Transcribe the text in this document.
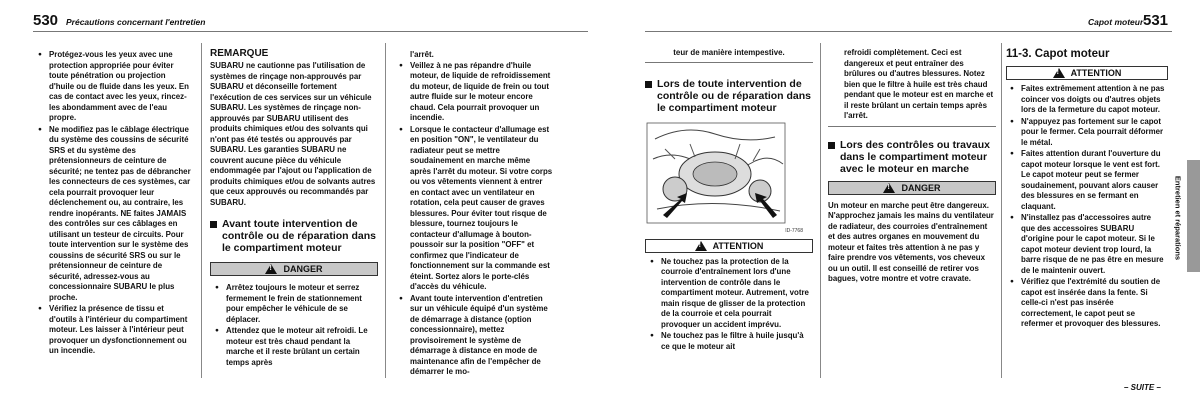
530 Précautions concernant l'entretien
● Protégez-vous les yeux avec une protection appropriée pour éviter toute pénétration ou projection d'huile ou de fluide dans les yeux. En cas de contact avec les yeux, rincez-les abondamment avec de l'eau propre.
● Ne modifiez pas le câblage électrique du système des coussins de sécurité SRS et du système des prétensionneurs de ceinture de sécurité; ne tentez pas de débrancher les connecteurs de ces systèmes, car cela pourrait provoquer leur déclenchement ou, au contraire, les rendre inopérants. NE faites JAMAIS des contrôles sur ces câblages en utilisant un testeur de circuits. Pour toute intervention sur le système des coussins de sécurité SRS ou sur le prétensionneur de ceinture de sécurité, adressez-vous au concessionnaire SUBARU le plus proche.
● Vérifiez la présence de tissu et d'outils à l'intérieur du compartiment moteur. Les laisser à l'intérieur peut provoquer un dysfonctionnement ou un incendie.
REMARQUE
SUBARU ne cautionne pas l'utilisation de systèmes de rinçage non-approuvés par SUBARU et déconseille fortement l'exécution de ces services sur un véhicule SUBARU. Les systèmes de rinçage non-approuvés par SUBARU utilisent des produits chimiques et/ou des solvants qui n'ont pas été testés ou approuvés par SUBARU. Les garanties SUBARU ne couvrent aucune pièce du véhicule endommagée par l'ajout ou l'application de produits chimiques et/ou de solvants autres que ceux approuvés ou recommandés par SUBARU.
Avant toute intervention de contrôle ou de réparation dans le compartiment moteur
!
DANGER
● Arrêtez toujours le moteur et serrez fermement le frein de stationnement pour empêcher le véhicule de se déplacer.
● Attendez que le moteur ait refroidi. Le moteur est très chaud pendant la marche et il reste brûlant un certain temps après
l'arrêt.
● Veillez à ne pas répandre d'huile moteur, de liquide de refroidissement du moteur, de liquide de frein ou tout autre fluide sur le moteur encore chaud. Cela pourrait provoquer un incendie.
● Lorsque le contacteur d'allumage est en position "ON", le ventilateur du radiateur peut se mettre soudainement en marche même après l'arrêt du moteur. Si votre corps ou vos vêtements viennent à entrer en contact avec un ventilateur en rotation, cela peut causer de graves blessures. Pour éviter tout risque de blessure, tournez toujours le contacteur d'allumage à bouton-poussoir sur la position "OFF" et confirmez que l'indicateur de fonctionnement sur la commande est éteint. Sortez alors le porte-clés d'accès du véhicule.
● Avant toute intervention d'entretien sur un véhicule équipé d'un système de démarrage à distance (option concessionnaire), mettez provisoirement le système de démarrage à distance en mode de maintenance afin de l'empêcher de démarrer le mo-
Capot moteur 531
teur de manière intempestive.
Lors de toute intervention de contrôle ou de réparation dans le compartiment moteur
ID-7768
!
ATTENTION
● Ne touchez pas la protection de la courroie d'entraînement lors d'une intervention de contrôle dans le compartiment moteur. Autrement, votre main risque de glisser de la protection de la courroie et cela pourrait provoquer un accident imprévu.
● Ne touchez pas le filtre à huile jusqu'à ce que le moteur ait
refroidi complètement. Ceci est dangereux et peut entraîner des brûlures ou d'autres blessures. Notez bien que le filtre à huile est très chaud pendant que le moteur est en marche et il reste brûlant un certain temps après l'arrêt.
Lors des contrôles ou travaux dans le compartiment moteur avec le moteur en marche
!
DANGER
Un moteur en marche peut être dangereux. N'approchez jamais les mains du ventilateur de radiateur, des courroies d'entraînement et des autres organes en mouvement du moteur et faites très attention à ne pas y faire prendre vos vêtements, vos cheveux ou un outil. Il est conseillé de retirer vos bagues, votre montre et votre cravate.
11-3. Capot moteur
!
ATTENTION
● Faites extrêmement attention à ne pas coincer vos doigts ou d'autres objets lors de la fermeture du capot moteur.
● N'appuyez pas fortement sur le capot pour le fermer. Cela pourrait déformer le métal.
● Faites attention durant l'ouverture du capot moteur lorsque le vent est fort. Le capot moteur peut se fermer soudainement, pouvant alors causer des blessures en se fermant en claquant.
● N'installez pas d'accessoires autre que des accessoires SUBARU d'origine pour le capot moteur. Si le capot moteur devient trop lourd, la barre risque de ne pas être en mesure de le maintenir ouvert.
● Vérifiez que l'extrémité du soutien de capot est insérée dans la fente. Si celle-ci n'est pas insérée correctement, le capot peut se refermer et provoquer des blessures.
Entretien et réparations
– SUITE –
